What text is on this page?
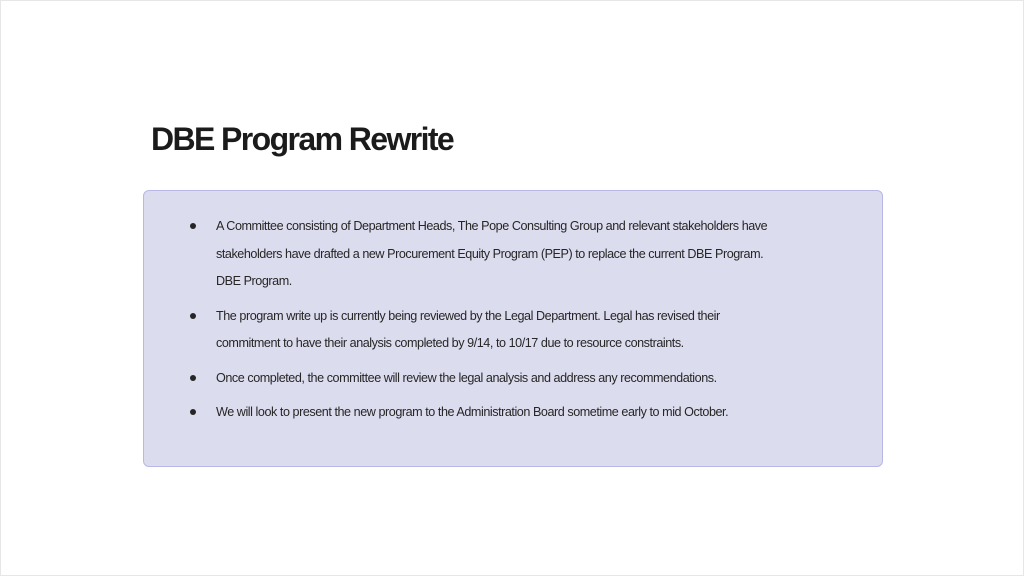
DBE Program Rewrite
A Committee consisting of Department Heads, The Pope Consulting Group and relevant stakeholders have
stakeholders have drafted a new Procurement Equity Program (PEP) to replace the current DBE Program.
DBE Program.
The program write up is currently being reviewed by the Legal Department. Legal has revised their
commitment to have their analysis completed by 9/14, to 10/17 due to resource constraints.
Once completed, the committee will review the legal analysis and address any recommendations.
We will look to present the new program to the Administration Board sometime early to mid October.
